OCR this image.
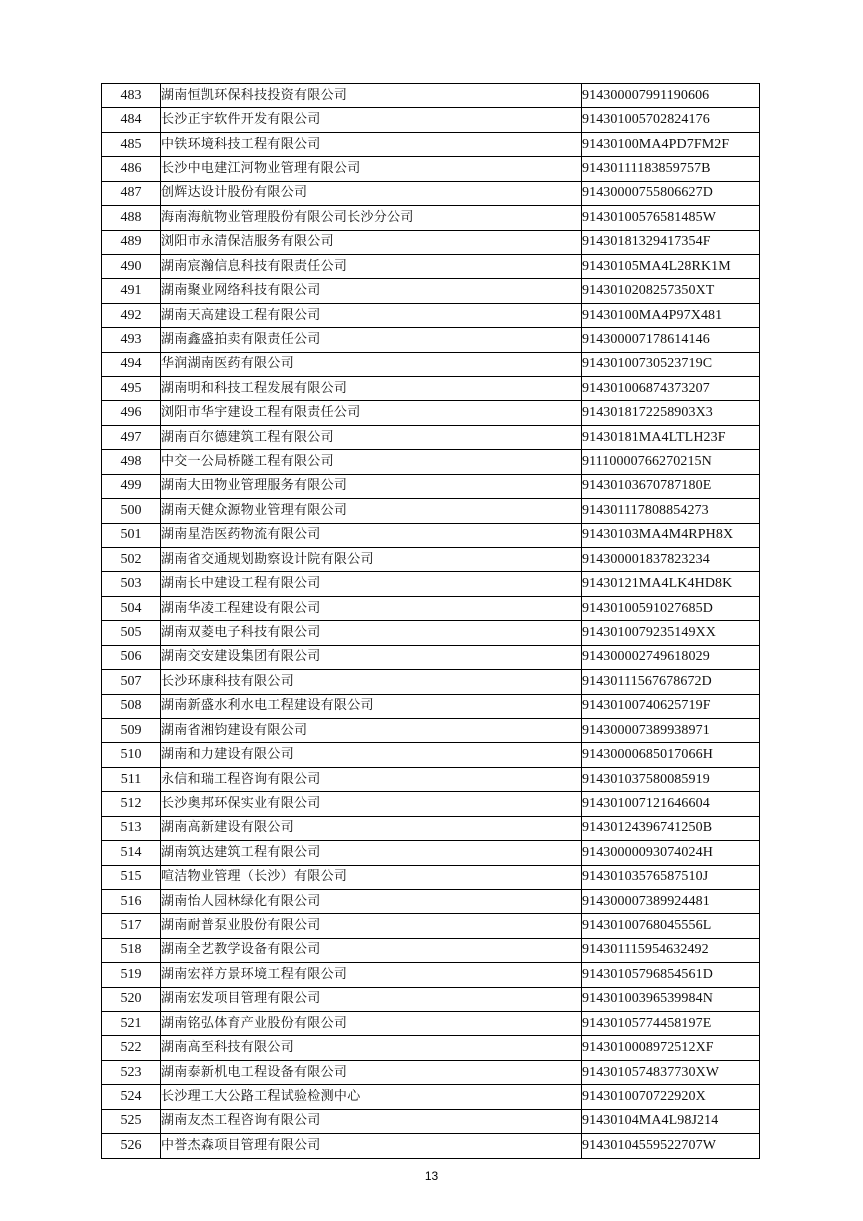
483	湖南恒凯环保科技投资有限公司	914300007991190606
484	长沙正宇软件开发有限公司	914301005702824176
485	中铁环境科技工程有限公司	91430100MA4PD7FM2F
486	长沙中电建江河物业管理有限公司	91430111183859757B
487	创辉达设计股份有限公司	91430000755806627D
488	海南海航物业管理股份有限公司长沙分公司	91430100576581485W
489	浏阳市永清保洁服务有限公司	91430181329417354F
490	湖南宸瀚信息科技有限责任公司	91430105MA4L28RK1M
491	湖南聚业网络科技有限公司	9143010208257350XT
492	湖南天高建设工程有限公司	91430100MA4P97X481
493	湖南鑫盛拍卖有限责任公司	914300007178614146
494	华润湖南医药有限公司	91430100730523719C
495	湖南明和科技工程发展有限公司	914301006874373207
496	浏阳市华宇建设工程有限责任公司	9143018172258903X3
497	湖南百尔德建筑工程有限公司	91430181MA4LTLH23F
498	中交一公局桥隧工程有限公司	91110000766270215N
499	湖南大田物业管理服务有限公司	91430103670787180E
500	湖南天健众源物业管理有限公司	914301117808854273
501	湖南星浩医药物流有限公司	91430103MA4M4RPH8X
502	湖南省交通规划勘察设计院有限公司	914300001837823234
503	湖南长中建设工程有限公司	91430121MA4LK4HD8K
504	湖南华凌工程建设有限公司	91430100591027685D
505	湖南双菱电子科技有限公司	9143010079235149XX
506	湖南交安建设集团有限公司	914300002749618029
507	长沙环康科技有限公司	91430111567678672D
508	湖南新盛水利水电工程建设有限公司	91430100740625719F
509	湖南省湘钧建设有限公司	914300007389938971
510	湖南和力建设有限公司	91430000685017066H
511	永信和瑞工程咨询有限公司	914301037580085919
512	长沙奥邦环保实业有限公司	914301007121646604
513	湖南高新建设有限公司	91430124396741250B
514	湖南筑达建筑工程有限公司	91430000093074024H
515	喧洁物业管理（长沙）有限公司	91430103576587510J
516	湖南怡人园林绿化有限公司	914300007389924481
517	湖南耐普泵业股份有限公司	91430100768045556L
518	湖南全艺教学设备有限公司	914301115954632492
519	湖南宏祥方景环境工程有限公司	91430105796854561D
520	湖南宏发项目管理有限公司	91430100396539984N
521	湖南铭弘体育产业股份有限公司	91430105774458197E
522	湖南高至科技有限公司	9143010008972512XF
523	湖南泰新机电工程设备有限公司	9143010574837730XW
524	长沙理工大公路工程试验检测中心	9143010070722920X
525	湖南友杰工程咨询有限公司	91430104MA4L98J214
526	中誉杰森项目管理有限公司	91430104559522707W
13
